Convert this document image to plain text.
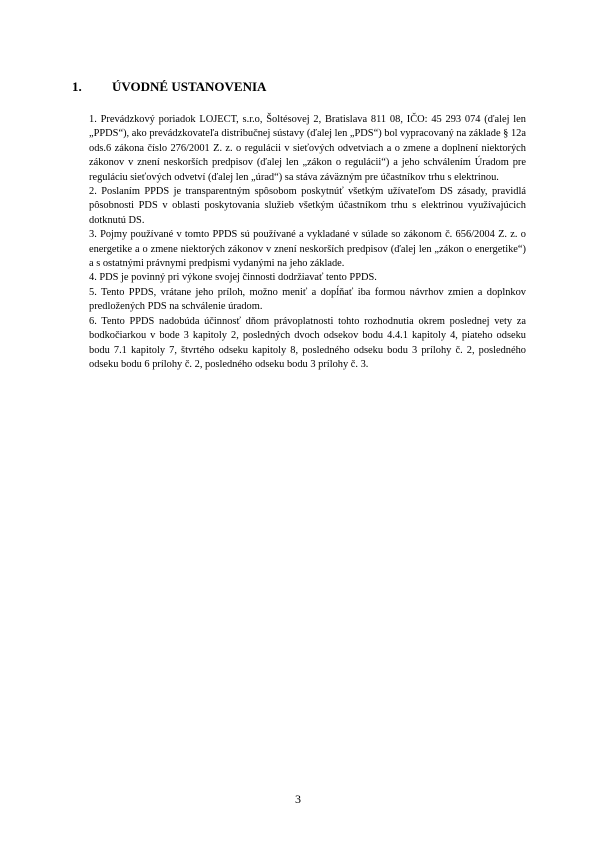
1. ÚVODNÉ USTANOVENIA

1. Prevádzkový poriadok LOJECT, s.r.o, Šoltésovej 2, Bratislava 811 08, IČO: 45 293 074 (ďalej len „PPDS“), ako prevádzkovateľa distribučnej sústavy (ďalej len „PDS“) bol vypracovaný na základe § 12a ods.6 zákona číslo 276/2001 Z. z. o regulácii v sieťových odvetviach a o zmene a doplnení niektorých zákonov v znení neskorších predpisov (ďalej len „zákon o regulácii“) a jeho schválením Úradom pre reguláciu sieťových odvetví (ďalej len „úrad“) sa stáva záväzným pre účastníkov trhu s elektrinou.

2. Poslaním PPDS je transparentným spôsobom poskytnúť všetkým užívateľom DS zásady, pravidlá pôsobnosti PDS v oblasti poskytovania služieb všetkým účastníkom trhu s elektrinou využívajúcich dotknutú DS.

3. Pojmy používané v tomto PPDS sú používané a vykladané v súlade so zákonom č. 656/2004 Z. z. o energetike a o zmene niektorých zákonov v znení neskorších predpisov (ďalej len „zákon o energetike“) a s ostatnými právnymi predpismi vydanými na jeho základe.

4. PDS je povinný pri výkone svojej činnosti dodržiavať tento PPDS.

5. Tento PPDS, vrátane jeho príloh, možno meniť a dopĺňať iba formou návrhov zmien a doplnkov predložených PDS na schválenie úradom.

6. Tento PPDS nadobúda účinnosť dňom právoplatnosti tohto rozhodnutia okrem poslednej vety za bodkočiarkou v bode 3 kapitoly 2, posledných dvoch odsekov bodu 4.4.1 kapitoly 4, piateho odseku bodu 7.1 kapitoly 7, štvrtého odseku kapitoly 8, posledného odseku bodu 3 prílohy č. 2, posledného odseku bodu 6 prílohy č. 2, posledného odseku bodu 3 prílohy č. 3.

3
